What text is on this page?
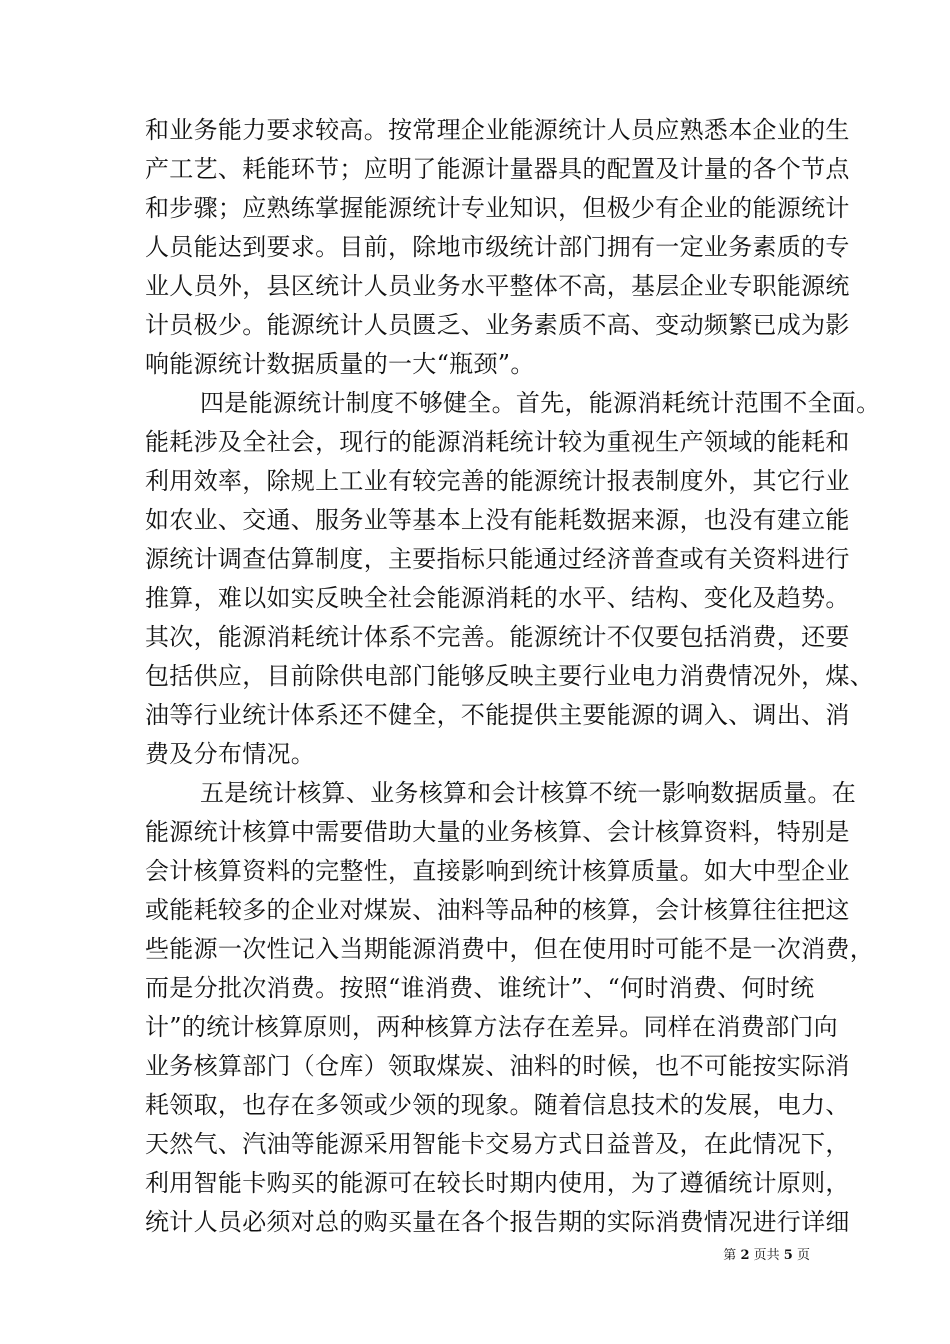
和业务能力要求较高。按常理企业能源统计人员应熟悉本企业的生
产工艺、耗能环节；应明了能源计量器具的配置及计量的各个节点
和步骤；应熟练掌握能源统计专业知识，但极少有企业的能源统计
人员能达到要求。目前，除地市级统计部门拥有一定业务素质的专
业人员外，县区统计人员业务水平整体不高，基层企业专职能源统
计员极少。能源统计人员匮乏、业务素质不高、变动频繁已成为影
响能源统计数据质量的一大“瓶颈”。
四是能源统计制度不够健全。首先，能源消耗统计范围不全面。
能耗涉及全社会，现行的能源消耗统计较为重视生产领域的能耗和
利用效率，除规上工业有较完善的能源统计报表制度外，其它行业
如农业、交通、服务业等基本上没有能耗数据来源，也没有建立能
源统计调查估算制度，主要指标只能通过经济普查或有关资料进行
推算，难以如实反映全社会能源消耗的水平、结构、变化及趋势。
其次，能源消耗统计体系不完善。能源统计不仅要包括消费，还要
包括供应，目前除供电部门能够反映主要行业电力消费情况外，煤、
油等行业统计体系还不健全，不能提供主要能源的调入、调出、消
费及分布情况。
五是统计核算、业务核算和会计核算不统一影响数据质量。在
能源统计核算中需要借助大量的业务核算、会计核算资料，特别是
会计核算资料的完整性，直接影响到统计核算质量。如大中型企业
或能耗较多的企业对煤炭、油料等品种的核算，会计核算往往把这
些能源一次性记入当期能源消费中，但在使用时可能不是一次消费，
而是分批次消费。按照“谁消费、谁统计”、“何时消费、何时统
计”的统计核算原则，两种核算方法存在差异。同样在消费部门向
业务核算部门（仓库）领取煤炭、油料的时候，也不可能按实际消
耗领取，也存在多领或少领的现象。随着信息技术的发展，电力、
天然气、汽油等能源采用智能卡交易方式日益普及，在此情况下，
利用智能卡购买的能源可在较长时期内使用，为了遵循统计原则，
统计人员必须对总的购买量在各个报告期的实际消费情况进行详细
第 2 页共 5 页
